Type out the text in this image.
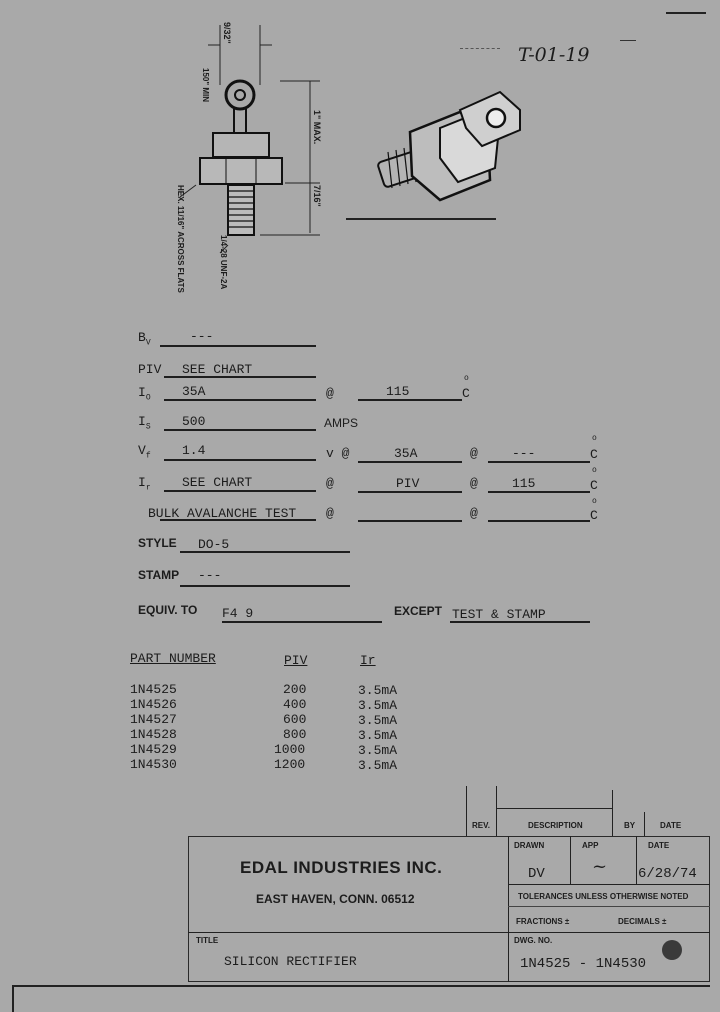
T-01-19
9/32"
150" MIN
1" MAX.
7/16"
HEX. 11/16" ACROSS FLATS	1/4-28 UNF-2A
$B_V$	---
PIV SEE CHART
$I_O$ 35A	@	115
o
C
$I_S$ 500	AMPS
$V_f$ 1.4	v @	35A	@	---
o
C
$I_r$ SEE CHART	@	PIV	@	115
o
C
BULK AVALANCHE TEST @	@
o
C
STYLE DO-5
STAMP ---
EQUIV. TO F4 9	EXCEPT TEST & STAMP
PART NUMBER	PIV	Ir
1N4525	200	3.5mA
1N4526	400	3.5mA
1N4527	600	3.5mA
1N4528	800	3.5mA
1N4529	1000	3.5mA
1N4530	1200	3.5mA
REV.	DESCRIPTION	BY	DATE
EDAL INDUSTRIES INC.
EAST HAVEN, CONN. 06512
DRAWN	APP	DATE
DV	~ 6/28/74
TOLERANCES UNLESS OTHERWISE NOTED
FRACTIONS ±	DECIMALS ±
TITLE
SILICON RECTIFIER
DWG. NO.
1N4525 - 1N4530
